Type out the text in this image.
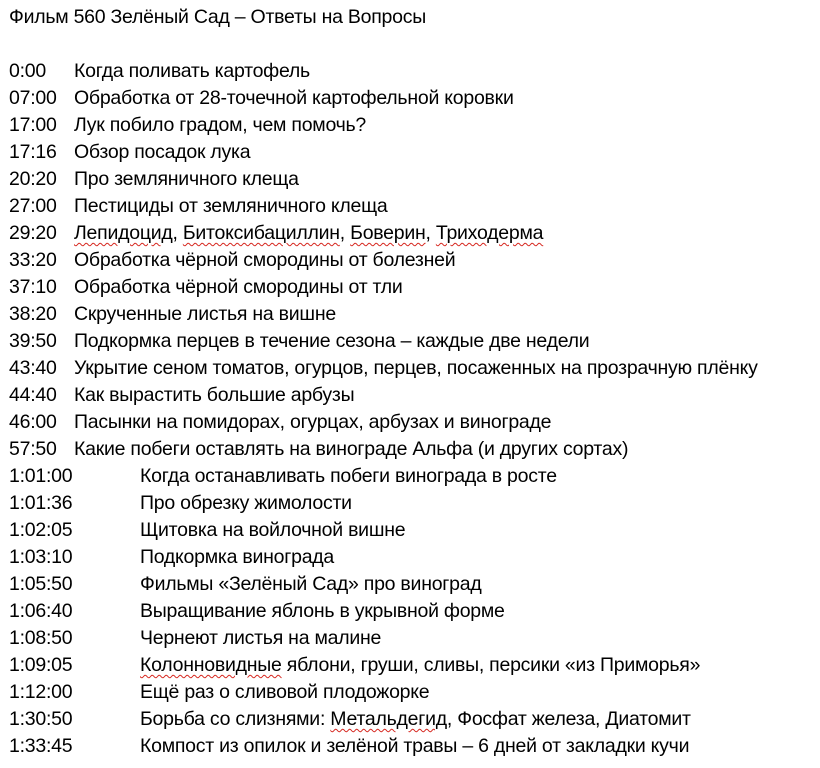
Фильм 560 Зелёный Сад – Ответы на Вопросы
0:00 Когда поливать картофель
07:00 Обработка от 28-точечной картофельной коровки
17:00 Лук побило градом, чем помочь?
17:16 Обзор посадок лука
20:20 Про земляничного клеща
27:00 Пестициды от земляничного клеща
29:20 Лепидоцид, Битоксибациллин, Боверин, Триходерма
33:20 Обработка чёрной смородины от болезней
37:10 Обработка чёрной смородины от тли
38:20 Скрученные листья на вишне
39:50 Подкормка перцев в течение сезона – каждые две недели
43:40 Укрытие сеном томатов, огурцов, перцев, посаженных на прозрачную плёнку
44:40 Как вырастить большие арбузы
46:00 Пасынки на помидорах, огурцах, арбузах и винограде
57:50 Какие побеги оставлять на винограде Альфа (и других сортах)
1:01:00	Когда останавливать побеги винограда в росте
1:01:36	Про обрезку жимолости
1:02:05	Щитовка на войлочной вишне
1:03:10	Подкормка винограда
1:05:50	Фильмы «Зелёный Сад» про виноград
1:06:40	Выращивание яблонь в укрывной форме
1:08:50	Чернеют листья на малине
1:09:05	Колонновидные яблони, груши, сливы, персики «из Приморья»
1:12:00	Ещё раз о сливовой плодожорке
1:30:50	Борьба со слизнями: Метальдегид, Фосфат железа, Диатомит
1:33:45	Компост из опилок и зелёной травы – 6 дней от закладки кучи
